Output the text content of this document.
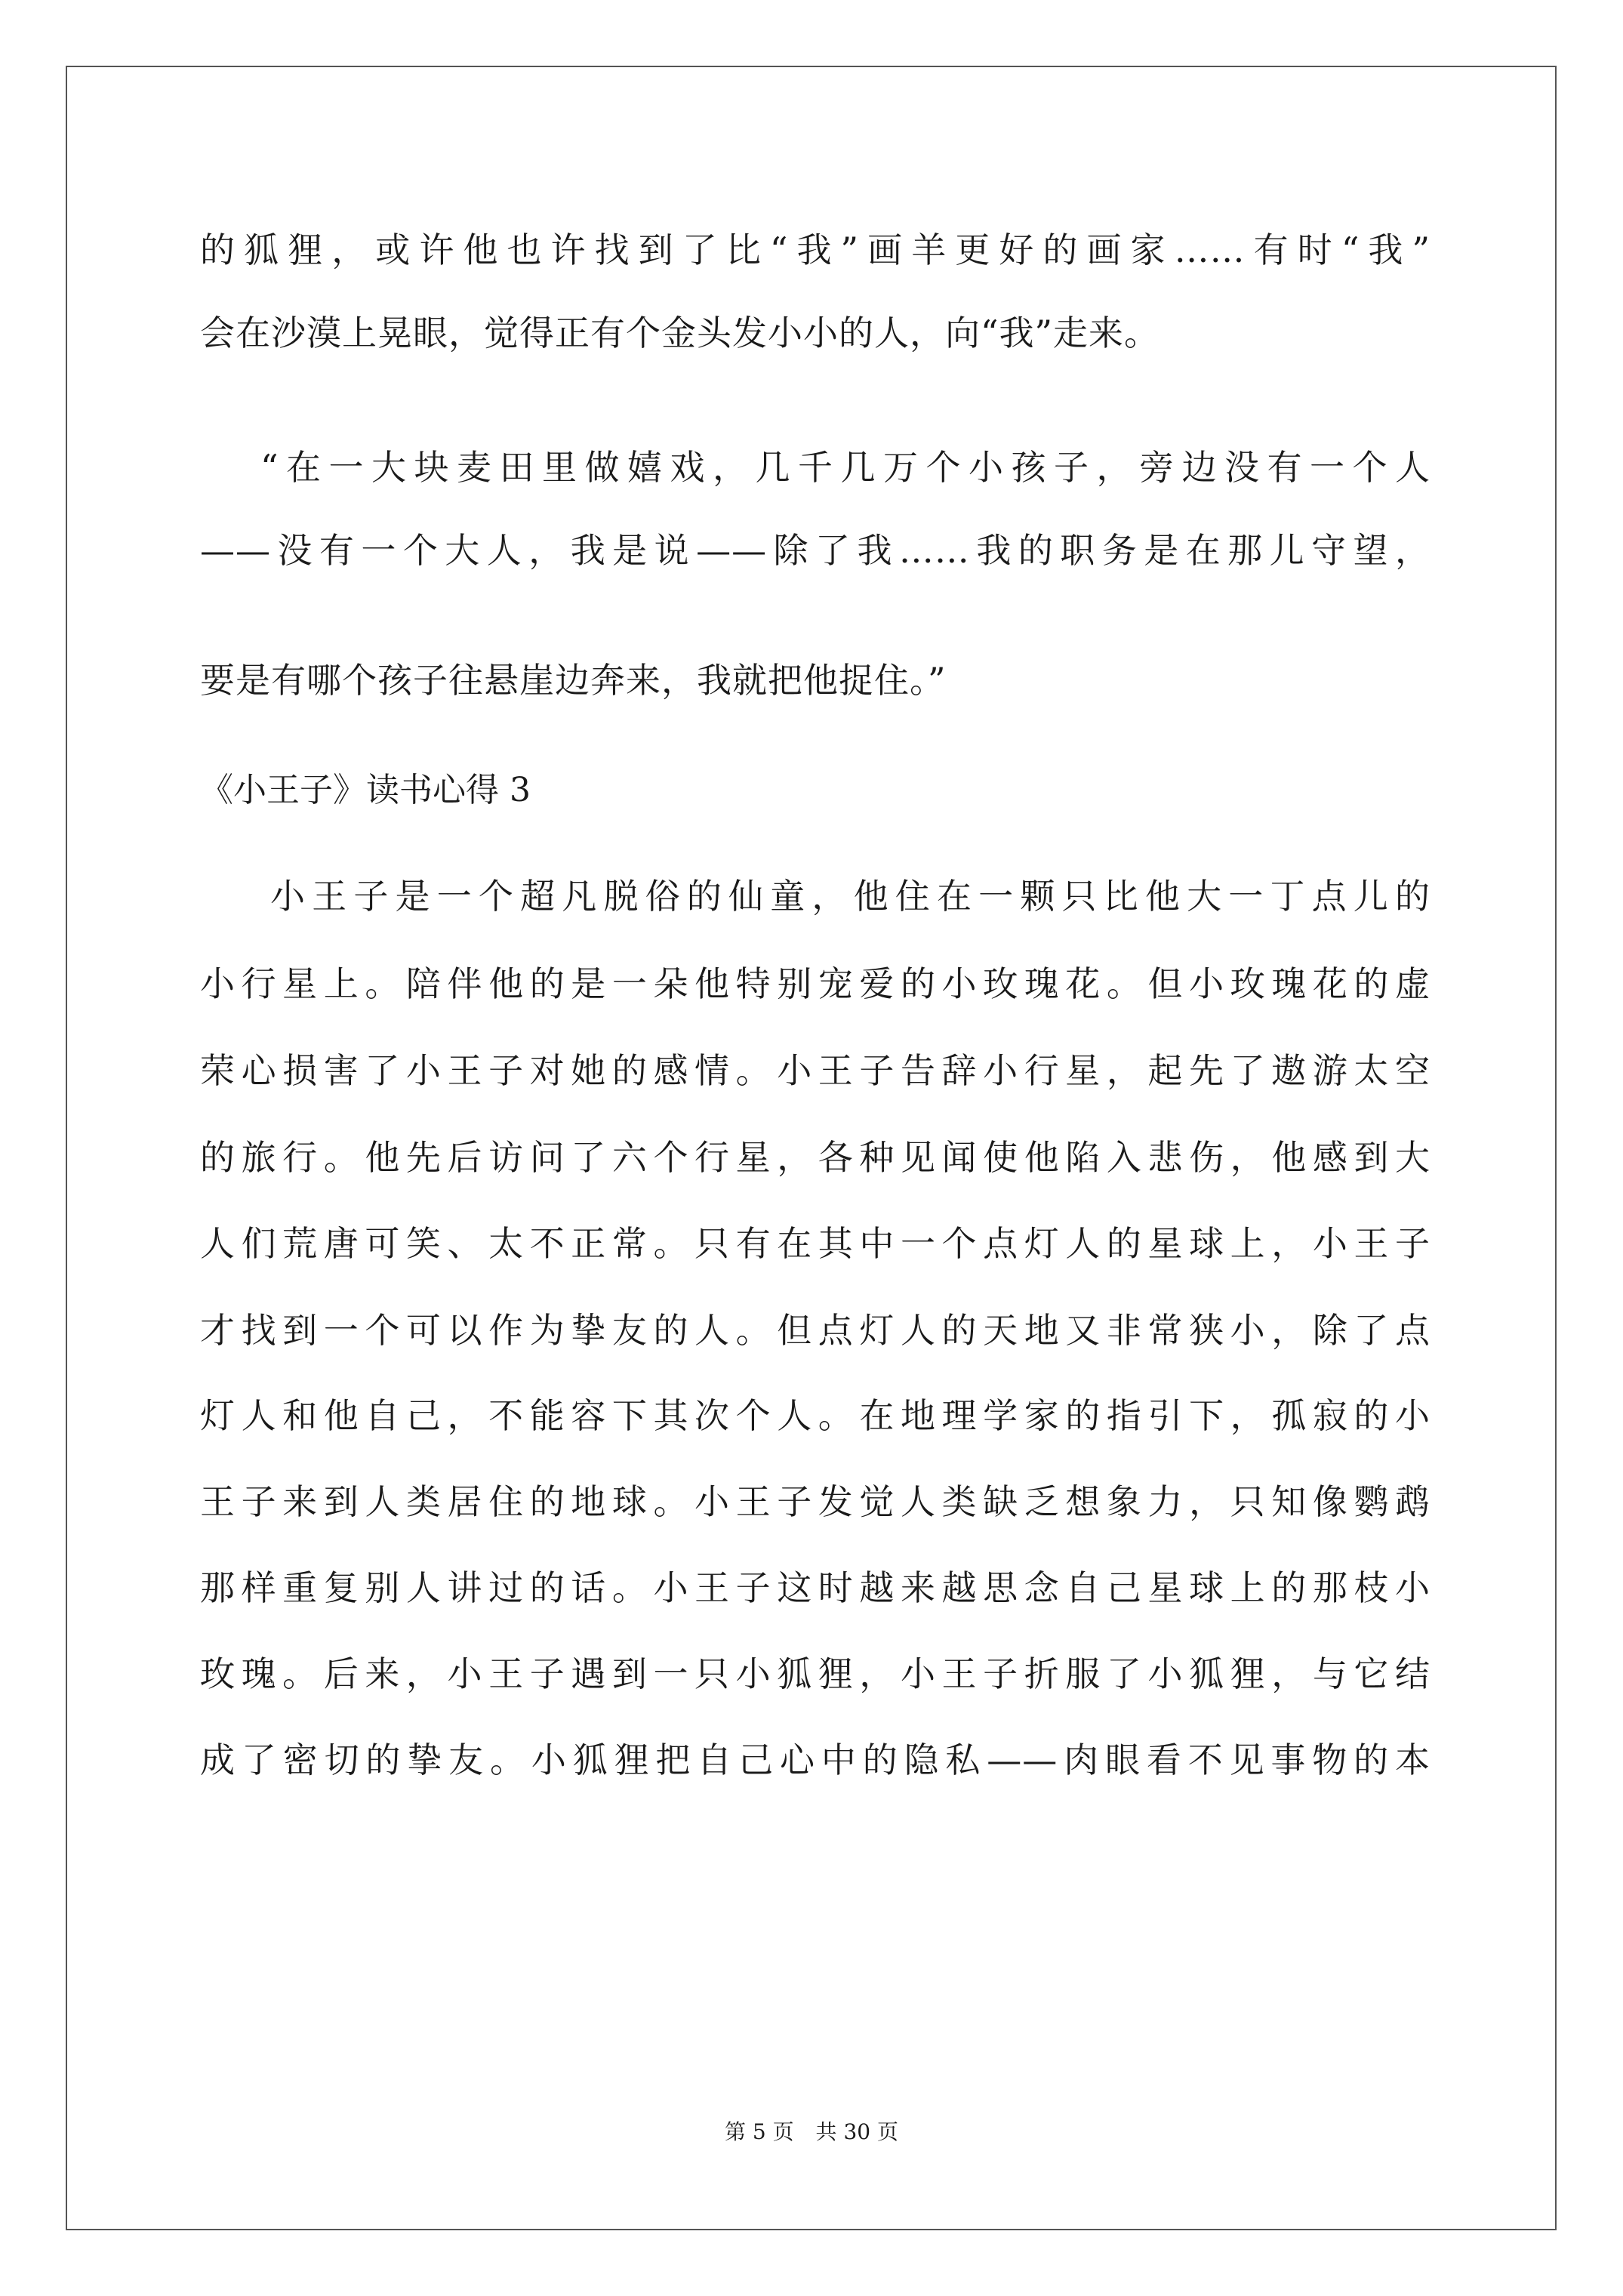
的狐狸，或许他也许找到了比“我”画羊更好的画家……有时“我”
会在沙漠上晃眼，觉得正有个金头发小小的人，向“我”走来。
“在一大块麦田里做嬉戏，几千几万个小孩子，旁边没有一个人
——没有一个大人，我是说——除了我……我的职务是在那儿守望，
要是有哪个孩子往悬崖边奔来，我就把他捉住。”
《小王子》读书心得 3
小王子是一个超凡脱俗的仙童，他住在一颗只比他大一丁点儿的
小行星上。陪伴他的是一朵他特别宠爱的小玫瑰花。但小玫瑰花的虚
荣心损害了小王子对她的感情。小王子告辞小行星，起先了遨游太空
的旅行。他先后访问了六个行星，各种见闻使他陷入悲伤，他感到大
人们荒唐可笑、太不正常。只有在其中一个点灯人的星球上，小王子
才找到一个可以作为挚友的人。但点灯人的天地又非常狭小，除了点
灯人和他自己，不能容下其次个人。在地理学家的指引下，孤寂的小
王子来到人类居住的地球。小王子发觉人类缺乏想象力，只知像鹦鹉
那样重复别人讲过的话。小王子这时越来越思念自己星球上的那枝小
玫瑰。后来，小王子遇到一只小狐狸，小王子折服了小狐狸，与它结
成了密切的挚友。小狐狸把自己心中的隐私——肉眼看不见事物的本
第 5 页 共 30 页
